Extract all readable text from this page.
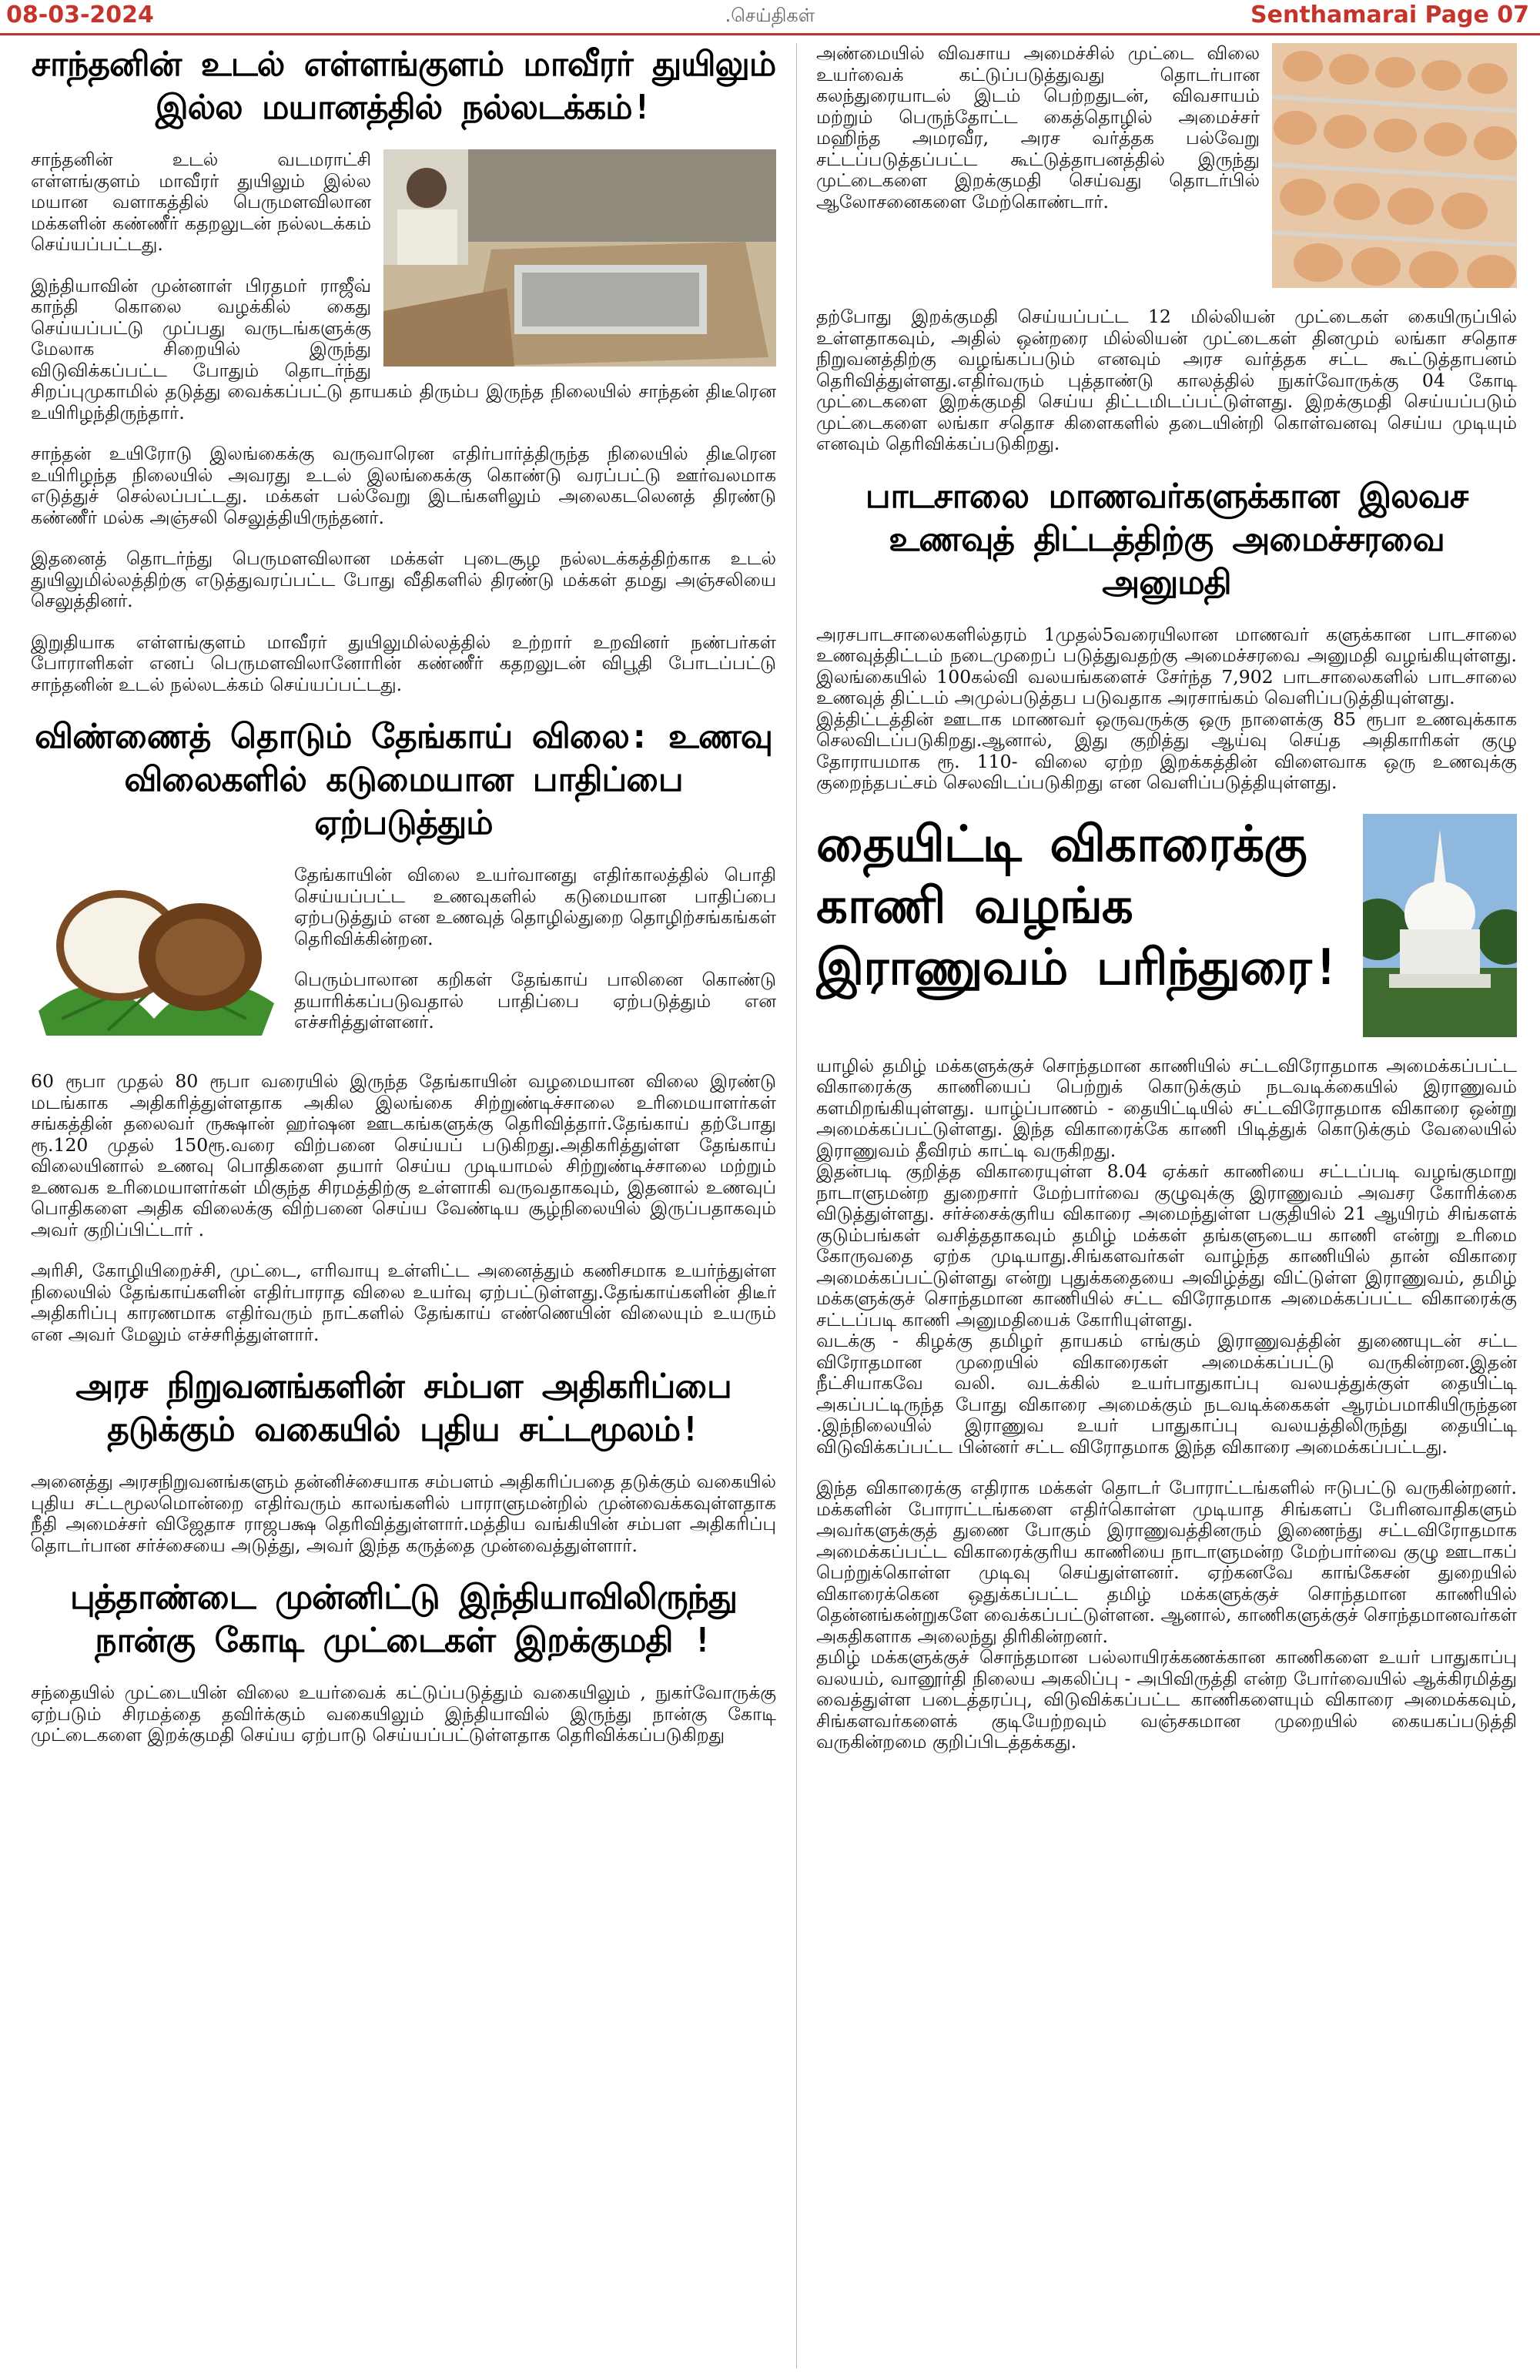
.செய்திகள்
08-03-2024	Senthamarai Page 07
சாந்தனின் உடல் எள்ளங்குளம் மாவீரர் துயிலும் இல்ல மயானத்தில் நல்லடக்கம்!

சாந்தனின் உடல் வடமராட்சி எள்ளங்குளம் மாவீரர் துயிலும் இல்ல மயான வளாகத்தில் பெருமளவிலான மக்களின் கண்ணீர் கதறலுடன் நல்லடக்கம் செய்யப்பட்டது.

இந்தியாவின் முன்னாள் பிரதமர் ராஜீவ் காந்தி கொலை வழக்கில் கைது செய்யப்பட்டு முப்பது வருடங்களுக்கு மேலாக சிறையில் இருந்து விடுவிக்கப்பட்ட போதும் தொடர்ந்து சிறப்புமுகாமில் தடுத்து வைக்கப்பட்டு தாயகம் திரும்ப இருந்த நிலையில் சாந்தன் திடீரென உயிரிழந்திருந்தார்.

சாந்தன் உயிரோடு இலங்கைக்கு வருவாரென எதிர்பார்த்திருந்த நிலையில் திடீரென உயிரிழந்த நிலையில் அவரது உடல் இலங்கைக்கு கொண்டு வரப்பட்டு ஊர்வலமாக எடுத்துச் செல்லப்பட்டது. மக்கள் பல்வேறு இடங்களிலும் அலைகடலெனத் திரண்டு கண்ணீர் மல்க அஞ்சலி செலுத்தியிருந்தனர்.

இதனைத் தொடர்ந்து பெருமளவிலான மக்கள் புடைசூழ நல்லடக்கத்திற்காக உடல் துயிலுமில்லத்திற்கு எடுத்துவரப்பட்ட போது வீதிகளில் திரண்டு மக்கள் தமது அஞ்சலியை செலுத்தினர்.

இறுதியாக எள்ளங்குளம் மாவீரர் துயிலுமில்லத்தில் உற்றார் உறவினர் நண்பர்கள் போராளிகள் எனப் பெருமளவிலானோரின் கண்ணீர் கதறலுடன் விபூதி போடப்பட்டு சாந்தனின் உடல் நல்லடக்கம் செய்யப்பட்டது.

விண்ணைத் தொடும் தேங்காய் விலை: உணவு விலைகளில் கடுமையான பாதிப்பை ஏற்படுத்தும்

தேங்காயின் விலை உயர்வானது எதிர்காலத்தில் பொதி செய்யப்பட்ட உணவுகளில் கடுமையான பாதிப்பை ஏற்படுத்தும் என உணவுத் தொழில்துறை தொழிற்சங்கங்கள் தெரிவிக்கின்றன.

பெரும்பாலான கறிகள் தேங்காய் பாலினை கொண்டு தயாரிக்கப்படுவதால் பாதிப்பை ஏற்படுத்தும் என எச்சரித்துள்ளனர்.

60 ரூபா முதல் 80 ரூபா வரையில் இருந்த தேங்காயின் வழமையான விலை இரண்டு மடங்காக அதிகரித்துள்ளதாக அகில இலங்கை சிற்றுண்டிச்சாலை உரிமையாளர்கள் சங்கத்தின் தலைவர் ருக்ஷான் ஹர்ஷன ஊடகங்களுக்கு தெரிவித்தார்.தேங்காய் தற்போது ரூ.120 முதல் 150ரூ.வரை விற்பனை செய்யப் படுகிறது.அதிகரித்துள்ள தேங்காய் விலையினால் உணவு பொதிகளை தயார் செய்ய முடியாமல் சிற்றுண்டிச்சாலை மற்றும் உணவக உரிமையாளர்கள் மிகுந்த சிரமத்திற்கு உள்ளாகி வருவதாகவும், இதனால் உணவுப் பொதிகளை அதிக விலைக்கு விற்பனை செய்ய வேண்டிய சூழ்நிலையில் இருப்பதாகவும் அவர் குறிப்பிட்டார் .

அரிசி, கோழியிறைச்சி, முட்டை, எரிவாயு உள்ளிட்ட அனைத்தும் கணிசமாக உயர்ந்துள்ள நிலையில் தேங்காய்களின் எதிர்பாராத விலை உயர்வு ஏற்பட்டுள்ளது.தேங்காய்களின் திடீர் அதிகரிப்பு காரணமாக எதிர்வரும் நாட்களில் தேங்காய் எண்ணெயின் விலையும் உயரும் என அவர் மேலும் எச்சரித்துள்ளார்.

அரச நிறுவனங்களின் சம்பள அதிகரிப்பை தடுக்கும் வகையில் புதிய சட்டமூலம்!

அனைத்து அரசநிறுவனங்களும் தன்னிச்சையாக சம்பளம் அதிகரிப்பதை தடுக்கும் வகையில் புதிய சட்டமூலமொன்றை எதிர்வரும் காலங்களில் பாராளுமன்றில் முன்வைக்கவுள்ளதாக நீதி அமைச்சர் விஜேதாச ராஜபக்ஷ தெரிவித்துள்ளார்.மத்திய வங்கியின் சம்பள அதிகரிப்பு தொடர்பான சர்ச்சையை அடுத்து, அவர் இந்த கருத்தை முன்வைத்துள்ளார்.

புத்தாண்டை முன்னிட்டு இந்தியாவிலிருந்து நான்கு கோடி முட்டைகள் இறக்குமதி !

சந்தையில் முட்டையின் விலை உயர்வைக் கட்டுப்படுத்தும் வகையிலும் , நுகர்வோருக்கு ஏற்படும் சிரமத்தை தவிர்க்கும் வகையிலும் இந்தியாவில் இருந்து நான்கு கோடி முட்டைகளை இறக்குமதி செய்ய ஏற்பாடு செய்யப்பட்டுள்ளதாக தெரிவிக்கப்படுகிறது

அண்மையில் விவசாய அமைச்சில் முட்டை விலை உயர்வைக் கட்டுப்படுத்துவது தொடர்பான கலந்துரையாடல் இடம் பெற்றதுடன், விவசாயம் மற்றும் பெருந்தோட்ட கைத்தொழில் அமைச்சர் மஹிந்த அமரவீர, அரச வர்த்தக பல்வேறு சட்டப்படுத்தப்பட்ட கூட்டுத்தாபனத்தில் இருந்து முட்டைகளை இறக்குமதி செய்வது தொடர்பில் ஆலோசனைகளை மேற்கொண்டார்.

தற்போது இறக்குமதி செய்யப்பட்ட 12 மில்லியன் முட்டைகள் கையிருப்பில் உள்ளதாகவும், அதில் ஒன்றரை மில்லியன் முட்டைகள் தினமும் லங்கா சதொச நிறுவனத்திற்கு வழங்கப்படும் எனவும் அரச வர்த்தக சட்ட கூட்டுத்தாபனம் தெரிவித்துள்ளது.எதிர்வரும் புத்தாண்டு காலத்தில் நுகர்வோருக்கு 04 கோடி முட்டைகளை இறக்குமதி செய்ய திட்டமிடப்பட்டுள்ளது. இறக்குமதி செய்யப்படும் முட்டைகளை லங்கா சதொச கிளைகளில் தடையின்றி கொள்வனவு செய்ய முடியும் எனவும் தெரிவிக்கப்படுகிறது.

பாடசாலை மாணவர்களுக்கான இலவச உணவுத் திட்டத்திற்கு அமைச்சரவை அனுமதி

அரசபாடசாலைகளில்தரம் 1முதல்5வரையிலான மாணவர் களுக்கான பாடசாலை உணவுத்திட்டம் நடைமுறைப் படுத்துவதற்கு அமைச்சரவை அனுமதி வழங்கியுள்ளது. இலங்கையில் 100கல்வி வலயங்களைச் சேர்ந்த 7,902 பாடசாலைகளில் பாடசாலை உணவுத் திட்டம் அமுல்படுத்தப படுவதாக அரசாங்கம் வெளிப்படுத்தியுள்ளது.

இத்திட்டத்தின் ஊடாக மாணவர் ஒருவருக்கு ஒரு நாளைக்கு 85 ரூபா உணவுக்காக செலவிடப்படுகிறது.ஆனால், இது குறித்து ஆய்வு செய்த அதிகாரிகள் குழு தோராயமாக ரூ. 110- விலை ஏற்ற இறக்கத்தின் விளைவாக ஒரு உணவுக்கு குறைந்தபட்சம் செலவிடப்படுகிறது என வெளிப்படுத்தியுள்ளது.

தையிட்டி விகாரைக்கு காணி வழங்க இராணுவம் பரிந்துரை!

யாழில் தமிழ் மக்களுக்குச் சொந்தமான காணியில் சட்டவிரோதமாக அமைக்கப்பட்ட விகாரைக்கு காணியைப் பெற்றுக் கொடுக்கும் நடவடிக்கையில் இராணுவம் களமிறங்கியுள்ளது. யாழ்ப்பாணம் - தையிட்டியில் சட்டவிரோதமாக விகாரை ஒன்று அமைக்கப்பட்டுள்ளது. இந்த விகாரைக்கே காணி பிடித்துக் கொடுக்கும் வேலையில் இராணுவம் தீவிரம் காட்டி வருகிறது.

இதன்படி குறித்த விகாரையுள்ள 8.04 ஏக்கர் காணியை சட்டப்படி வழங்குமாறு நாடாளுமன்ற துறைசார் மேற்பார்வை குழுவுக்கு இராணுவம் அவசர கோரிக்கை விடுத்துள்ளது. சர்ச்சைக்குரிய விகாரை அமைந்துள்ள பகுதியில் 21 ஆயிரம் சிங்களக் குடும்பங்கள் வசித்ததாகவும் தமிழ் மக்கள் தங்களுடைய காணி என்று உரிமை கோருவதை ஏற்க முடியாது.சிங்களவர்கள் வாழ்ந்த காணியில் தான் விகாரை அமைக்கப்பட்டுள்ளது என்று புதுக்கதையை அவிழ்த்து விட்டுள்ள இராணுவம், தமிழ் மக்களுக்குச் சொந்தமான காணியில் சட்ட விரோதமாக அமைக்கப்பட்ட விகாரைக்கு சட்டப்படி காணி அனுமதியைக் கோரியுள்ளது.

வடக்கு - கிழக்கு தமிழர் தாயகம் எங்கும் இராணுவத்தின் துணையுடன் சட்ட விரோதமான முறையில் விகாரைகள் அமைக்கப்பட்டு வருகின்றன.இதன் நீட்சியாகவே வலி. வடக்கில் உயர்பாதுகாப்பு வலயத்துக்குள் தையிட்டி அகப்பட்டிருந்த போது விகாரை அமைக்கும் நடவடிக்கைகள் ஆரம்பமாகியிருந்தன .இந்நிலையில் இராணுவ உயர் பாதுகாப்பு வலயத்திலிருந்து தையிட்டி விடுவிக்கப்பட்ட பின்னர் சட்ட விரோதமாக இந்த விகாரை அமைக்கப்பட்டது.

இந்த விகாரைக்கு எதிராக மக்கள் தொடர் போராட்டங்களில் ஈடுபட்டு வருகின்றனர். மக்களின் போராட்டங்களை எதிர்கொள்ள முடியாத சிங்களப் பேரினவாதிகளும் அவர்களுக்குத் துணை போகும் இராணுவத்தினரும் இணைந்து சட்டவிரோதமாக அமைக்கப்பட்ட விகாரைக்குரிய காணியை நாடாளுமன்ற மேற்பார்வை குழு ஊடாகப் பெற்றுக்கொள்ள முடிவு செய்துள்ளனர். ஏற்கனவே காங்கேசன் துறையில் விகாரைக்கென ஒதுக்கப்பட்ட தமிழ் மக்களுக்குச் சொந்தமான காணியில் தென்னங்கன்றுகளே வைக்கப்பட்டுள்ளன. ஆனால், காணிகளுக்குச் சொந்தமானவர்கள் அகதிகளாக அலைந்து திரிகின்றனர்.

தமிழ் மக்களுக்குச் சொந்தமான பல்லாயிரக்கணக்கான காணிகளை உயர் பாதுகாப்பு வலயம், வானூர்தி நிலைய அகலிப்பு - அபிவிருத்தி என்ற போர்வையில் ஆக்கிரமித்து வைத்துள்ள படைத்தரப்பு, விடுவிக்கப்பட்ட காணிகளையும் விகாரை அமைக்கவும், சிங்களவர்களைக் குடியேற்றவும் வஞ்சகமான முறையில் கையகப்படுத்தி வருகின்றமை குறிப்பிடத்தக்கது.
